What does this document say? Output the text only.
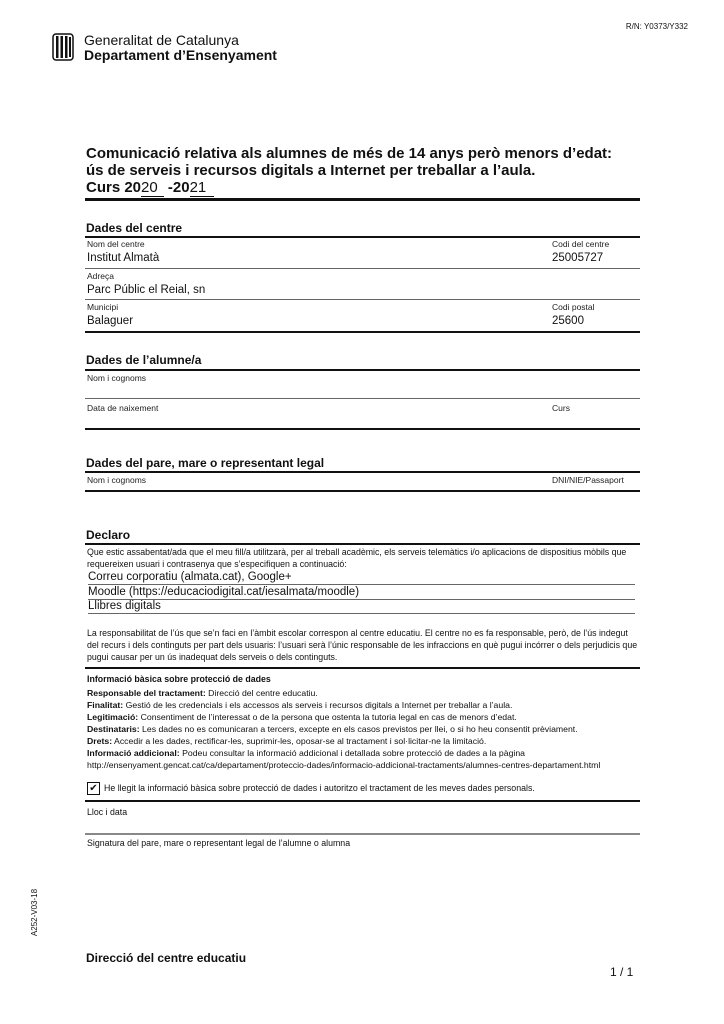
R/N: Y0373/Y332
Generalitat de Catalunya
Departament d’Ensenyament
Comunicació relativa als alumnes de més de 14 anys però menors d’edat:
ús de serveis i recursos digitals a Internet per treballar a l’aula.
Curs 2020 -2021
Dades del centre
Nom del centre	Codi del centre
Institut Almatà	25005727
Adreça
Parc Públic el Reial, sn
Municipi	Codi postal
Balaguer	25600
Dades de l’alumne/a
Nom i cognoms
Data de naixement	Curs
Dades del pare, mare o representant legal
Nom i cognoms	DNI/NIE/Passaport
Declaro
Que estic assabentat/ada que el meu fill/a utilitzarà, per al treball acadèmic, els serveis telemàtics i/o aplicacions de dispositius mòbils que requereixen usuari i contrasenya que s’especifiquen a continuació:
Correu corporatiu (almata.cat), Google+
Moodle (https://educaciodigital.cat/iesalmata/moodle)
Llibres digitals
La responsabilitat de l’ús que se’n faci en l’àmbit escolar correspon al centre educatiu. El centre no es fa responsable, però, de l’ús indegut del recurs i dels continguts per part dels usuaris: l’usuari serà l’únic responsable de les infraccions en què pugui incórrer o dels perjudicis que pugui causar per un ús inadequat dels serveis o dels continguts.
Informació bàsica sobre protecció de dades
Responsable del tractament: Direcció del centre educatiu.
Finalitat: Gestió de les credencials i els accessos als serveis i recursos digitals a Internet per treballar a l’aula.
Legitimació: Consentiment de l’interessat o de la persona que ostenta la tutoria legal en cas de menors d’edat.
Destinataris: Les dades no es comunicaran a tercers, excepte en els casos previstos per llei, o si ho heu consentit prèviament.
Drets: Accedir a les dades, rectificar-les, suprimir-les, oposar-se al tractament i sol·licitar-ne la limitació.
Informació addicional: Podeu consultar la informació addicional i detallada sobre protecció de dades a la pàgina http://ensenyament.gencat.cat/ca/departament/proteccio-dades/informacio-addicional-tractaments/alumnes-centres-departament.html
✔ He llegit la informació bàsica sobre protecció de dades i autoritzo el tractament de les meves dades personals.
Lloc i data
Signatura del pare, mare o representant legal de l’alumne o alumna
A252-V03-18
Direcció del centre educatiu
1 / 1
